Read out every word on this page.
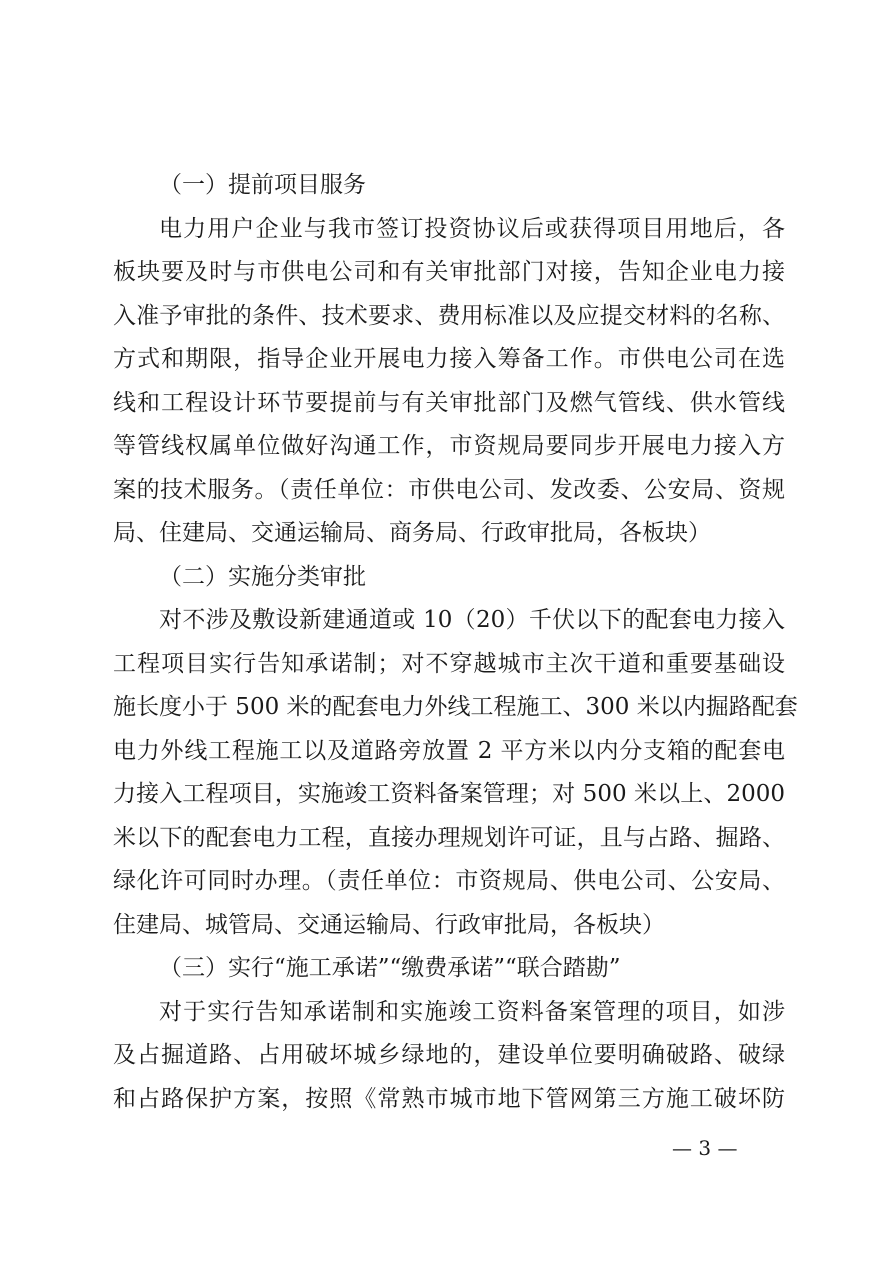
（一）提前项目服务
电力用户企业与我市签订投资协议后或获得项目用地后，各
板块要及时与市供电公司和有关审批部门对接，告知企业电力接
入准予审批的条件、技术要求、费用标准以及应提交材料的名称、
方式和期限，指导企业开展电力接入筹备工作。市供电公司在选
线和工程设计环节要提前与有关审批部门及燃气管线、供水管线
等管线权属单位做好沟通工作，市资规局要同步开展电力接入方
案的技术服务。（责任单位：市供电公司、发改委、公安局、资规
局、住建局、交通运输局、商务局、行政审批局，各板块）
（二）实施分类审批
对不涉及敷设新建通道或 10（20）千伏以下的配套电力接入
工程项目实行告知承诺制；对不穿越城市主次干道和重要基础设
施长度小于 500 米的配套电力外线工程施工、300 米以内掘路配套
电力外线工程施工以及道路旁放置 2 平方米以内分支箱的配套电
力接入工程项目，实施竣工资料备案管理；对 500 米以上、2000
米以下的配套电力工程，直接办理规划许可证，且与占路、掘路、
绿化许可同时办理。（责任单位：市资规局、供电公司、公安局、
住建局、城管局、交通运输局、行政审批局，各板块）
（三）实行“施工承诺”“缴费承诺”“联合踏勘”
对于实行告知承诺制和实施竣工资料备案管理的项目，如涉
及占掘道路、占用破坏城乡绿地的，建设单位要明确破路、破绿
和占路保护方案，按照《常熟市城市地下管网第三方施工破坏防
— 3 —
